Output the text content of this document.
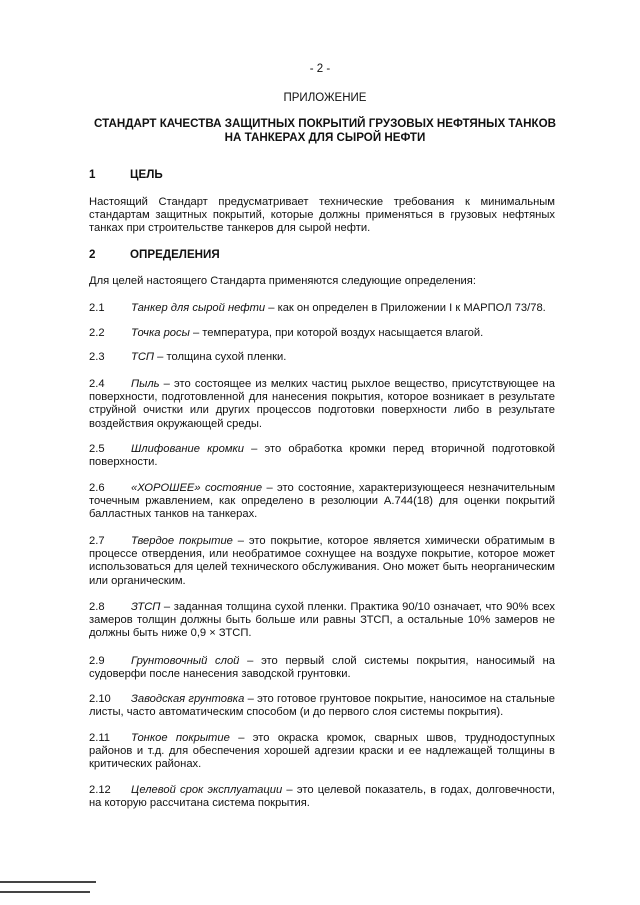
- 2 -
ПРИЛОЖЕНИЕ
СТАНДАРТ КАЧЕСТВА ЗАЩИТНЫХ ПОКРЫТИЙ ГРУЗОВЫХ НЕФТЯНЫХ ТАНКОВ
НА ТАНКЕРАХ ДЛЯ СЫРОЙ НЕФТИ
1	ЦЕЛЬ
Настоящий Стандарт предусматривает технические требования к минимальным стандартам защитных покрытий, которые должны применяться в грузовых нефтяных танках при строительстве танкеров для сырой нефти.
2	ОПРЕДЕЛЕНИЯ
Для целей настоящего Стандарта применяются следующие определения:
2.1 Танкер для сырой нефти – как он определен в Приложении I к МАРПОЛ 73/78.
2.2 Точка росы – температура, при которой воздух насыщается влагой.
2.3 ТСП – толщина сухой пленки.
2.4 Пыль – это состоящее из мелких частиц рыхлое вещество, присутствующее на поверхности, подготовленной для нанесения покрытия, которое возникает в результате струйной очистки или других процессов подготовки поверхности либо в результате воздействия окружающей среды.
2.5 Шлифование кромки – это обработка кромки перед вторичной подготовкой поверхности.
2.6 «ХОРОШЕЕ» состояние – это состояние, характеризующееся незначительным точечным ржавлением, как определено в резолюции А.744(18) для оценки покрытий балластных танков на танкерах.
2.7 Твердое покрытие – это покрытие, которое является химически обратимым в процессе отвердения, или необратимое сохнущее на воздухе покрытие, которое может использоваться для целей технического обслуживания. Оно может быть неорганическим или органическим.
2.8 ЗТСП – заданная толщина сухой пленки. Практика 90/10 означает, что 90% всех замеров толщин должны быть больше или равны ЗТСП, а остальные 10% замеров не должны быть ниже 0,9 × ЗТСП.
2.9 Грунтовочный слой – это первый слой системы покрытия, наносимый на судоверфи после нанесения заводской грунтовки.
2.10 Заводская грунтовка – это готовое грунтовое покрытие, наносимое на стальные листы, часто автоматическим способом (и до первого слоя системы покрытия).
2.11 Тонкое покрытие – это окраска кромок, сварных швов, труднодоступных районов и т.д. для обеспечения хорошей адгезии краски и ее надлежащей толщины в критических районах.
2.12 Целевой срок эксплуатации – это целевой показатель, в годах, долговечности, на которую рассчитана система покрытия.
